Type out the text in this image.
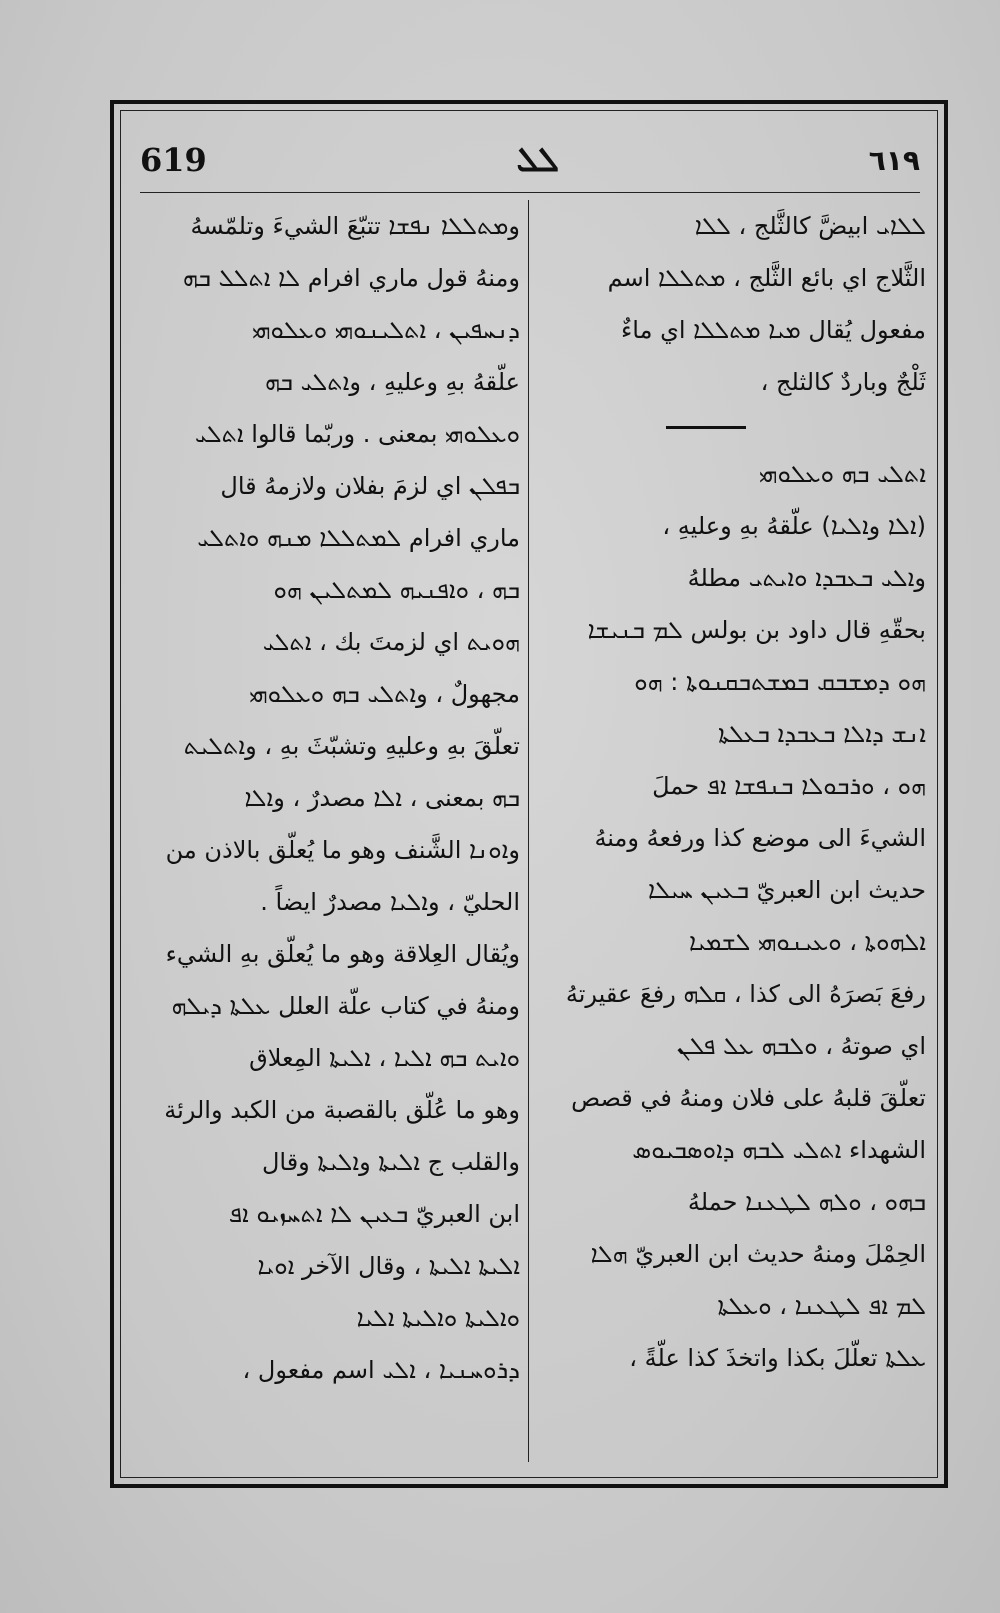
619	ܠܠ	٦١٩
ܠܠܐܝ ابيضَّ كالثَّلج ، ܠܠܐ
الثَّلاج اي بائع الثَّلج ، ܡܬܠܠܐ اسم
مفعول يُقال ܡܝܐ ܡܬܠܠܐ اي ماءٌ
ثَلْجٌ وباردٌ كالثلج ،
ܐܬܠܝ ܒܗ ܘܥܠܘܗܝ
(ܐܠܐ وܐܠܝܐ) علّقهُ بهِ وعليهِ ،
وܐܠܝ ܒܥܒܕܐ ܘܐܝܬܝ مطلهُ
بحقّهِ قال داود بن بولس ܠܡ ܒܢܝܫܐ
ܗܘ ܕܡܫܒܩ ܒܡܫܬܒܩܢܘܬܐ : ܗܘ
ܐܢܫ ܕܐܠܐ ܒܥܒܕܐ ܒܥܠܬܐ
ܗܘ ، ܘܪܒܘܠܐ ܒܢܦܫܐ ܐܦ حملَ
الشيءَ الى موضع كذا ورفعهُ ومنهُ
حديث ابن العبريّ ܒܥܝܢ ܚܝܠܐ
ܐܠܗܘܬܐ ، ܘܥܝܢܘܗܝ ܠܫܡܝܐ
رفعَ بَصرَهُ الى كذا ، ܩܠܗ رفعَ عقيرتهُ
اي صوتهُ ، ܘܠܒܗ ܥܠ ܦܠܢ
تعلّقَ قلبهُ على فلان ومنهُ في قصص
الشهداء ܐܬܠܝ ܠܒܗ ܕܐܘܣܒܝܘܣ
ܒܗܘ ، ܘܠܗ ܠܛܥܢܐ حملهُ
الحِمْلَ ومنهُ حديث ابن العبريّ ܗܠܐ
ܠܡ ܐܦ ܠܛܥܢܐ ، ܘܥܠܬܐ
ܥܠܬܐ تعلّلَ بكذا واتخذَ كذا علّةً ،
وܡܬܠܠܐ ܢܦܫܐ تتبّعَ الشيءَ وتلمّسهُ
ومنهُ قول ماري افرام ܠܐ ܐܬܠܠ ܒܗ
ܕܢܚܦܝܢ ، ܐܬܠܝܢܘܗܝ ܘܥܠܘܗܝ
علّقهُ بهِ وعليهِ ، وܐܬܠܝ ܒܗ
ܘܥܠܘܗܝ بمعنى . وربّما قالوا ܐܬܠܝ
ܒܦܠܢ اي لزمَ بفلان ولازمهُ قال
ماري افرام ܠܡܬܠܠܐ ܡܢܗ ܘܐܬܠܝ
ܒܗ ، ܘܐܦܢܝܗ ܠܡܬܠܝܢ ܗܘ
ܗܘܝܬ اي لزمتَ بك ، ܐܬܠܝ
مجهولٌ ، وܐܬܠܝ ܒܗ ܘܥܠܘܗܝ
تعلّقَ بهِ وعليهِ وتشبّثَ بهِ ، وܐܬܠܝܬ
ܒܗ بمعنى ، ܐܠܐ مصدرٌ ، وܐܠܐ
وܐܘܢܐ الشَّنف وهو ما يُعلّق بالاذن من
الحليّ ، وܐܠܝܐ مصدرٌ ايضاً .
ويُقال العِلاقة وهو ما يُعلّق بهِ الشيء
ومنهُ في كتاب علّة العلل ܥܠܬܐ ܕܝܠܗ
ܘܐܝܬ ܒܗ ܐܠܝܐ ، ܐܠܝܬܐ المِعلاق
وهو ما عُلّق بالقصبة من الكبد والرئة
والقلب ج ܐܠܝܬܐ وܐܠܝܬܐ وقال
ابن العبريّ ܒܥܝܢ ܠܐ ܐܬܚܙܝܘ ܐܦ
ܐܠܝܬܐ ܐܠܝܬܐ ، وقال الآخر ܐܘܝܐ
ܘܐܠܝܬܐ ܘܐܠܝܬܐ ܐܠܝܐ
ܕܪܘܚܢܝܐ ، ܐܠܝ اسم مفعول ،
